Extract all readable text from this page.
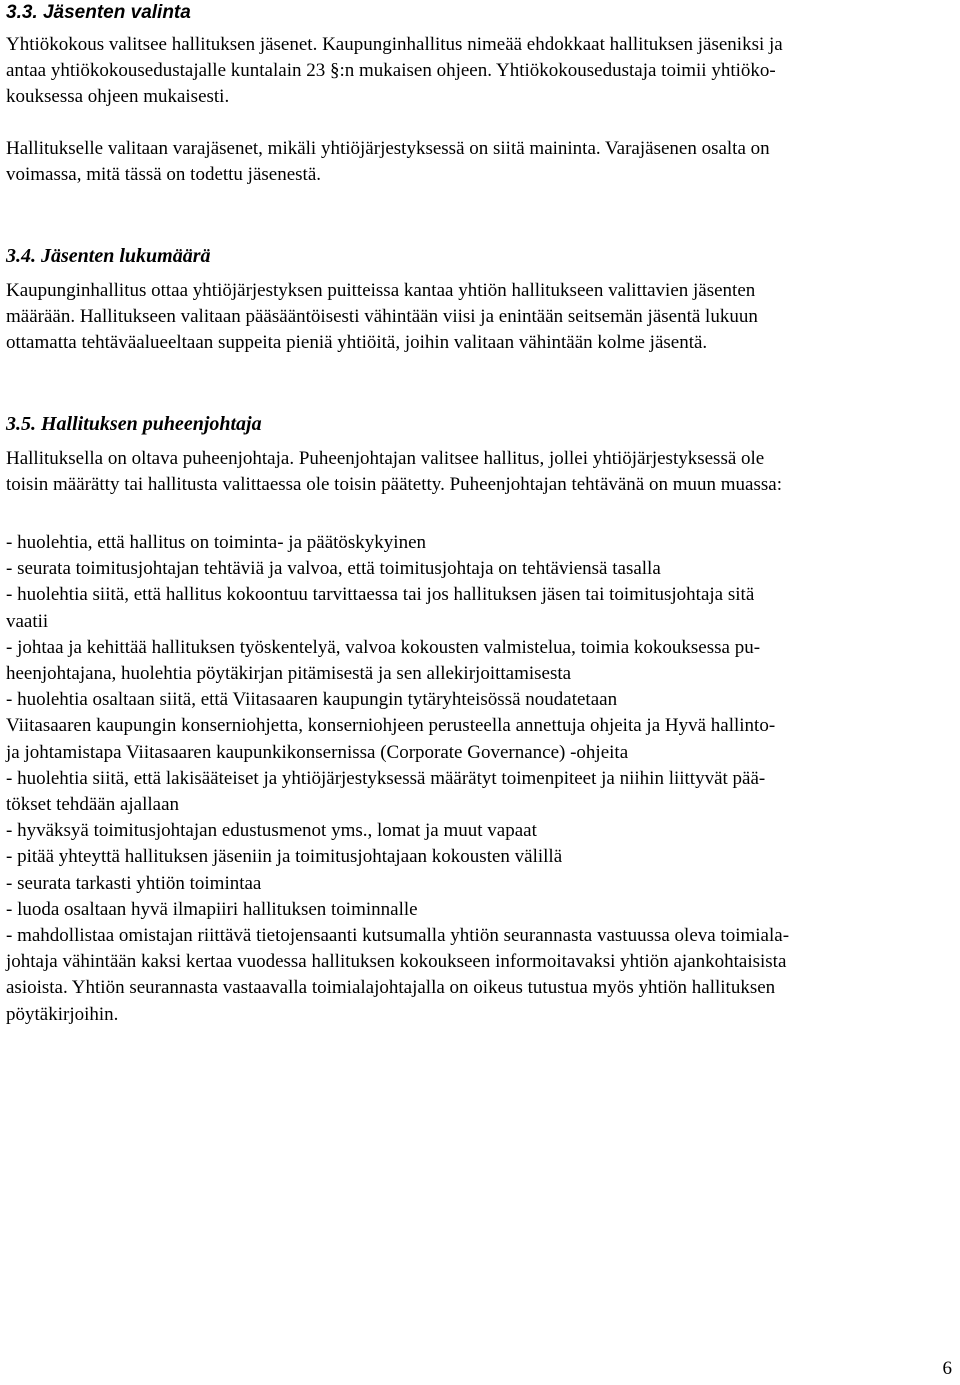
3.3. Jäsenten valinta

Yhtiökokous valitsee hallituksen jäsenet. Kaupunginhallitus nimeää ehdokkaat hallituksen jäseniksi ja
antaa yhtiökokousedustajalle kuntalain 23 §:n mukaisen ohjeen. Yhtiökokousedustaja toimii yhtiöko-
kouksessa ohjeen mukaisesti.

Hallitukselle valitaan varajäsenet, mikäli yhtiöjärjestyksessä on siitä maininta. Varajäsenen osalta on
voimassa, mitä tässä on todettu jäsenestä.

3.4. Jäsenten lukumäärä

Kaupunginhallitus ottaa yhtiöjärjestyksen puitteissa kantaa yhtiön hallitukseen valittavien jäsenten
määrään. Hallitukseen valitaan pääsääntöisesti vähintään viisi ja enintään seitsemän jäsentä lukuun
ottamatta tehtäväalueeltaan suppeita pieniä yhtiöitä, joihin valitaan vähintään kolme jäsentä.

3.5. Hallituksen puheenjohtaja

Hallituksella on oltava puheenjohtaja. Puheenjohtajan valitsee hallitus, jollei yhtiöjärjestyksessä ole
toisin määrätty tai hallitusta valittaessa ole toisin päätetty. Puheenjohtajan tehtävänä on muun muassa:

- huolehtia, että hallitus on toiminta- ja päätöskykyinen
- seurata toimitusjohtajan tehtäviä ja valvoa, että toimitusjohtaja on tehtäviensä tasalla
- huolehtia siitä, että hallitus kokoontuu tarvittaessa tai jos hallituksen jäsen tai toimitusjohtaja sitä
vaatii
- johtaa ja kehittää hallituksen työskentelyä, valvoa kokousten valmistelua, toimia kokouksessa pu-
heenjohtajana, huolehtia pöytäkirjan pitämisestä ja sen allekirjoittamisesta
- huolehtia osaltaan siitä, että Viitasaaren kaupungin tytäryhteisössä noudatetaan
Viitasaaren kaupungin konserniohjetta, konserniohjeen perusteella annettuja ohjeita ja Hyvä hallinto-
ja johtamistapa Viitasaaren kaupunkikonsernissa (Corporate Governance) -ohjeita
- huolehtia siitä, että lakisääteiset ja yhtiöjärjestyksessä määrätyt toimenpiteet ja niihin liittyvät pää-
tökset tehdään ajallaan
- hyväksyä toimitusjohtajan edustusmenot yms., lomat ja muut vapaat
- pitää yhteyttä hallituksen jäseniin ja toimitusjohtajaan kokousten välillä
- seurata tarkasti yhtiön toimintaa
- luoda osaltaan hyvä ilmapiiri hallituksen toiminnalle
- mahdollistaa omistajan riittävä tietojensaanti kutsumalla yhtiön seurannasta vastuussa oleva toimiala-
johtaja vähintään kaksi kertaa vuodessa hallituksen kokoukseen informoitavaksi yhtiön ajankohtaisista
asioista. Yhtiön seurannasta vastaavalla toimialajohtajalla on oikeus tutustua myös yhtiön hallituksen
pöytäkirjoihin.
6
